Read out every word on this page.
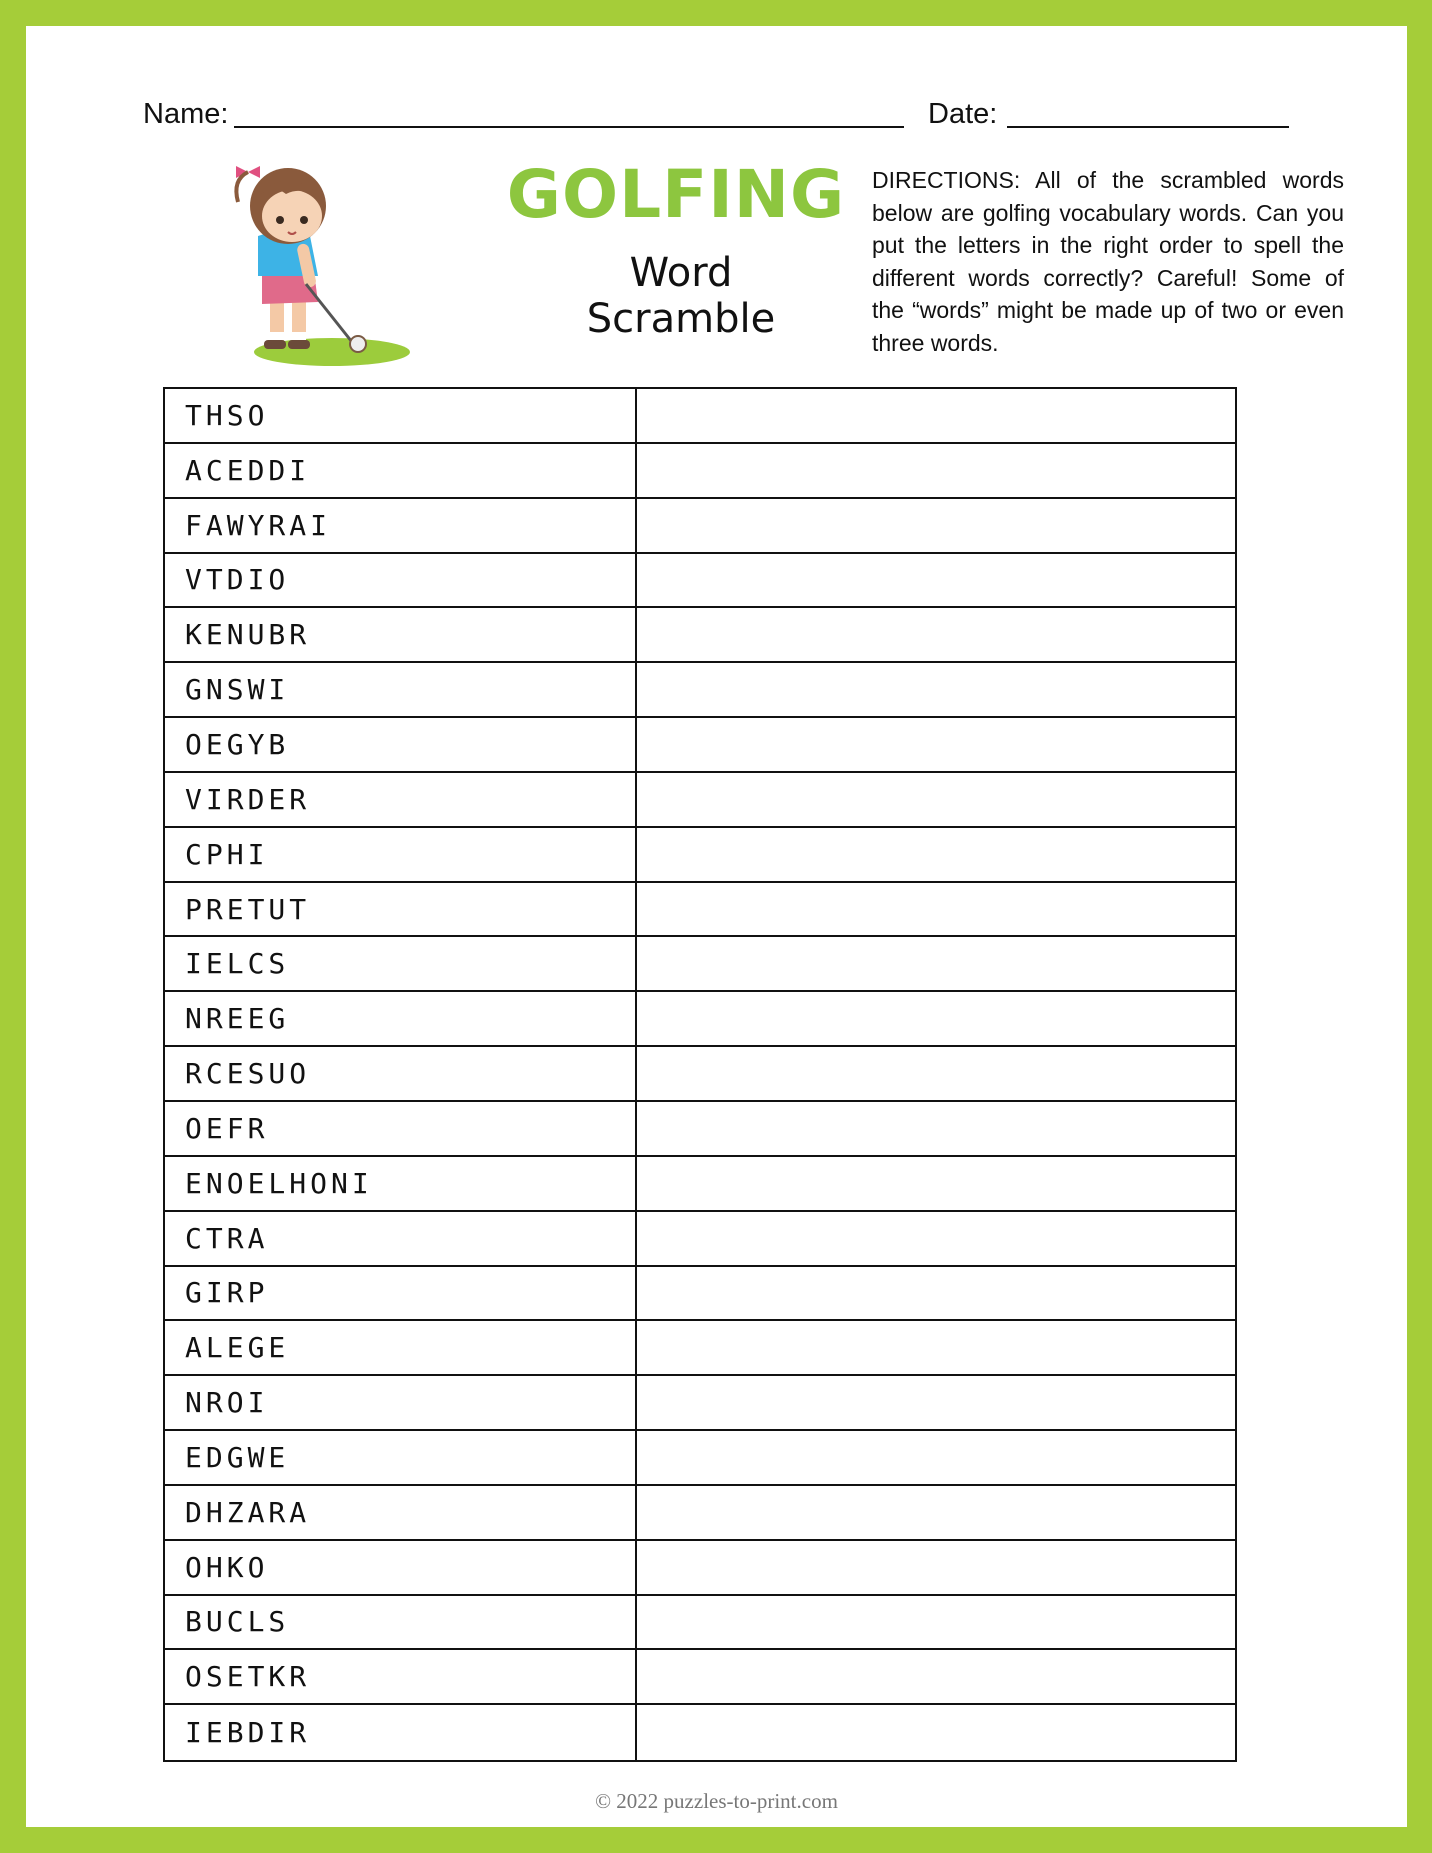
Name:	Date:
GOLFING
Word
Scramble
DIRECTIONS: All of the scrambled words below are golfing vocabulary words. Can you put the letters in the right order to spell the different words correctly? Careful! Some of the “words” might be made up of two or even three words.
THSO
ACEDDI
FAWYRAI
VTDIO
KENUBR
GNSWI
OEGYB
VIRDER
CPHI
PRETUT
IELCS
NREEG
RCESUO
OEFR
ENOELHONI
CTRA
GIRP
ALEGE
NROI
EDGWE
DHZARA
OHKO
BUCLS
OSETKR
IEBDIR
© 2022 puzzles-to-print.com
